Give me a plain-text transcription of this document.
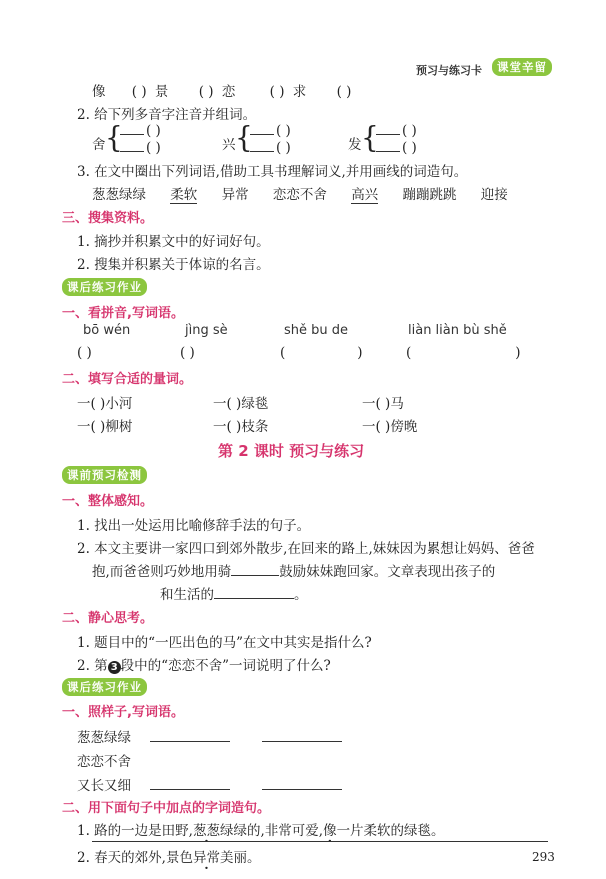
预习与练习卡	课堂辛留
像 ( ) 景 ( ) 恋	( ) 求 ( )
2. 给下列多音字注音并组词。
舍 { ( )
( )	兴 { ( )
( )	发 { ( )
( )
3. 在文中圈出下列词语,借助工具书理解词义,并用画线的词造句。
葱葱绿绿 柔软 异常 恋恋不舍 高兴 蹦蹦跳跳 迎接
三、搜集资料。
1. 摘抄并积累文中的好词好句。
2. 搜集并积累关于体谅的名言。
课后练习作业
一、看拼音,写词语。
bō wén	jìng sè	shě bu de	liàn liàn bù shě
( )	( )	(	)	(	)
二、填写合适的量词。
一( )小河	一( )绿毯	一( )马
一( )柳树	一( )枝条	一( )傍晚
第 2 课时 预习与练习
课前预习检测
一、整体感知。
1. 找出一处运用比喻修辞手法的句子。
2. 本文主要讲一家四口到郊外散步,在回来的路上,妹妹因为累想让妈妈、爸爸
抱,而爸爸则巧妙地用骑	鼓励妹妹跑回家。文章表现出孩子的
和生活的	。
二、静心思考。
1. 题目中的“一匹出色的马”在文中其实是指什么?
2. 第 3 段中的“恋恋不舍”一词说明了什么?
课后练习作业
一、照样子,写词语。
葱葱绿绿
恋恋不舍
又长又细
二、用下面句子中加点的字词造句。
1. 路的一边是田野,葱葱绿绿的,非常可爱,像一片柔软的绿毯。
2. 春天的郊外,景色异常美丽。	293
